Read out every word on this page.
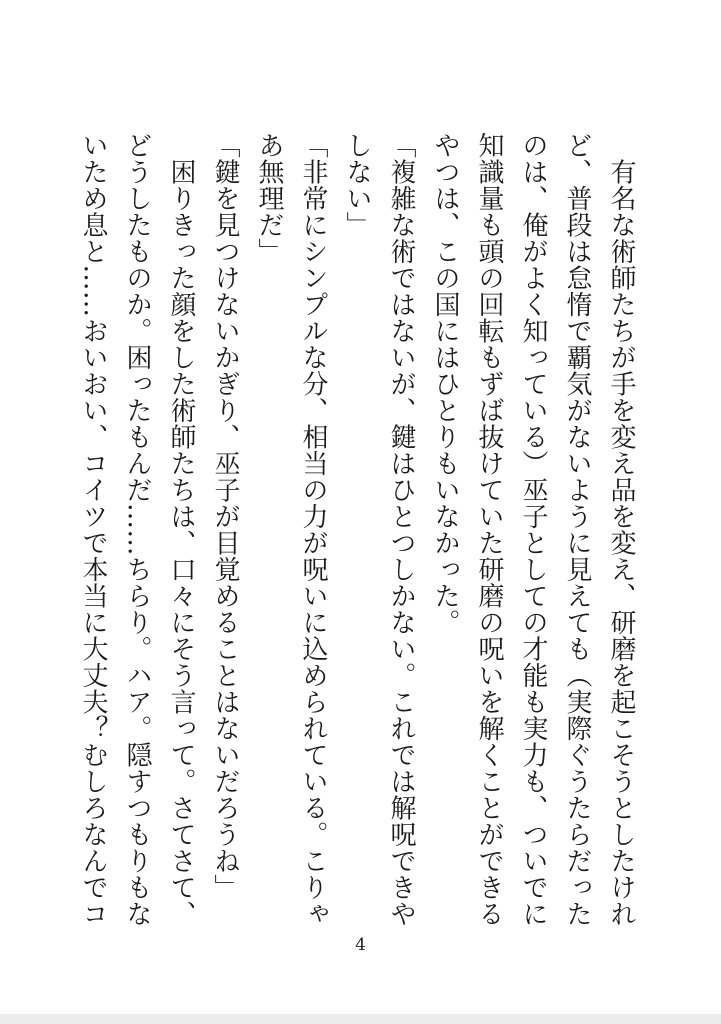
　有名な術師たちが手を変え品を変え、研磨を起こそうとしたけれ
ど、普段は怠惰で覇気がないように見えても（実際ぐうたらだった
のは、俺がよく知っている）巫子としての才能も実力も、ついでに
知識量も頭の回転もずば抜けていた研磨の呪いを解くことができる
やつは、この国にはひとりもいなかった。
「複雑な術ではないが、鍵はひとつしかない。これでは解呪できや
しない」
「非常にシンプルな分、相当の力が呪いに込められている。こりゃ
あ無理だ」
「鍵を見つけないかぎり、巫子が目覚めることはないだろうね」
　困りきった顔をした術師たちは、口々にそう言って。さてさて、
どうしたものか。困ったもんだ……ちらり。ハア。隠すつもりもな
いため息と……おいおい、コイツで本当に大丈夫？むしろなんでコ
4
